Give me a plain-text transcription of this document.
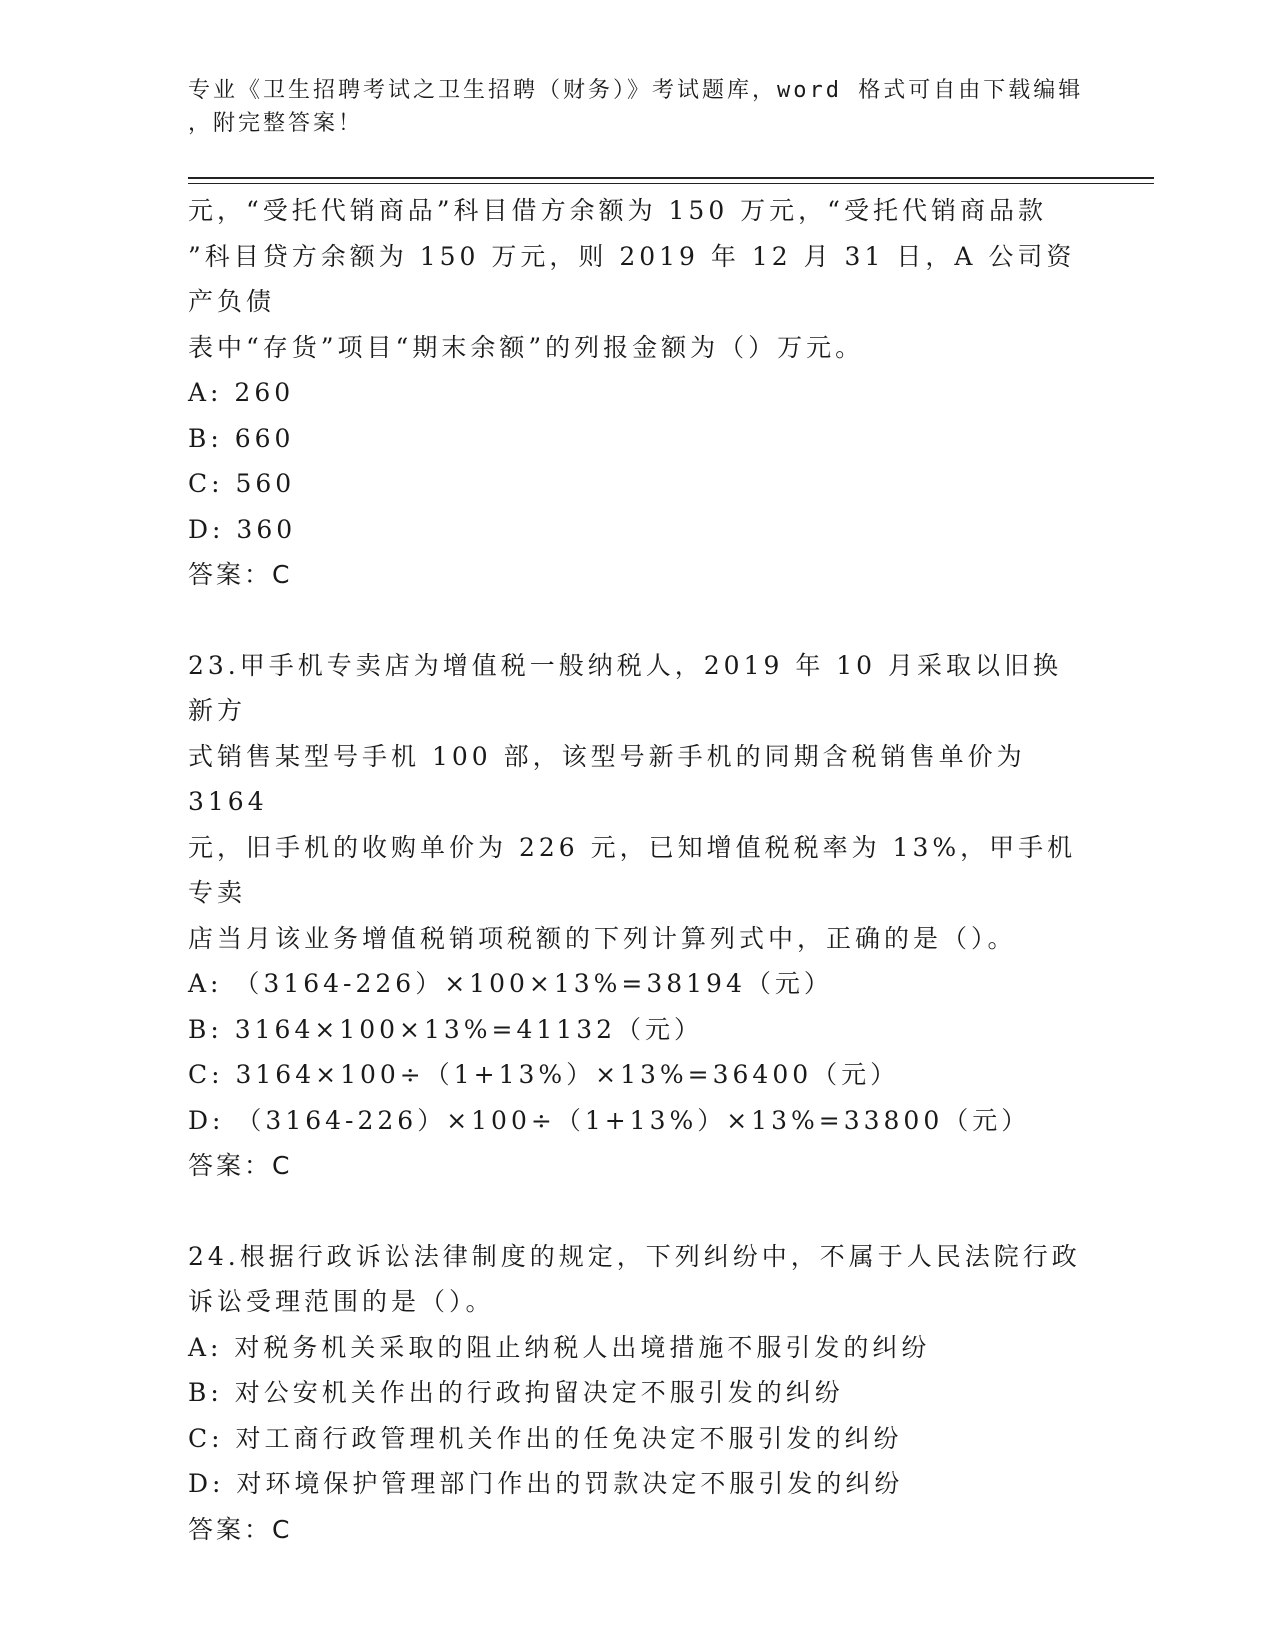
专业《卫生招聘考试之卫生招聘（财务）》考试题库，word 格式可自由下载编辑
，附完整答案！

元，“受托代销商品”科目借方余额为 150 万元，“受托代销商品款

”科目贷方余额为 150 万元，则 2019 年 12 月 31 日，A 公司资产负债

表中“存货”项目“期末余额”的列报金额为（）万元。

A: 260

B: 660

C: 560

D: 360

答案：C

23.甲手机专卖店为增值税一般纳税人，2019 年 10 月采取以旧换新方

式销售某型号手机 100 部，该型号新手机的同期含税销售单价为 3164

元，旧手机的收购单价为 226 元，已知增值税税率为 13%，甲手机专卖

店当月该业务增值税销项税额的下列计算列式中，正确的是（）。

A: （3164-226）×100×13%=38194（元）

B: 3164×100×13%=41132（元）

C: 3164×100÷（1+13%）×13%=36400（元）

D: （3164-226）×100÷（1+13%）×13%=33800（元）

答案：C

24.根据行政诉讼法律制度的规定，下列纠纷中，不属于人民法院行政

诉讼受理范围的是（）。

A: 对税务机关采取的阻止纳税人出境措施不服引发的纠纷

B: 对公安机关作出的行政拘留决定不服引发的纠纷

C: 对工商行政管理机关作出的任免决定不服引发的纠纷

D: 对环境保护管理部门作出的罚款决定不服引发的纠纷

答案：C
